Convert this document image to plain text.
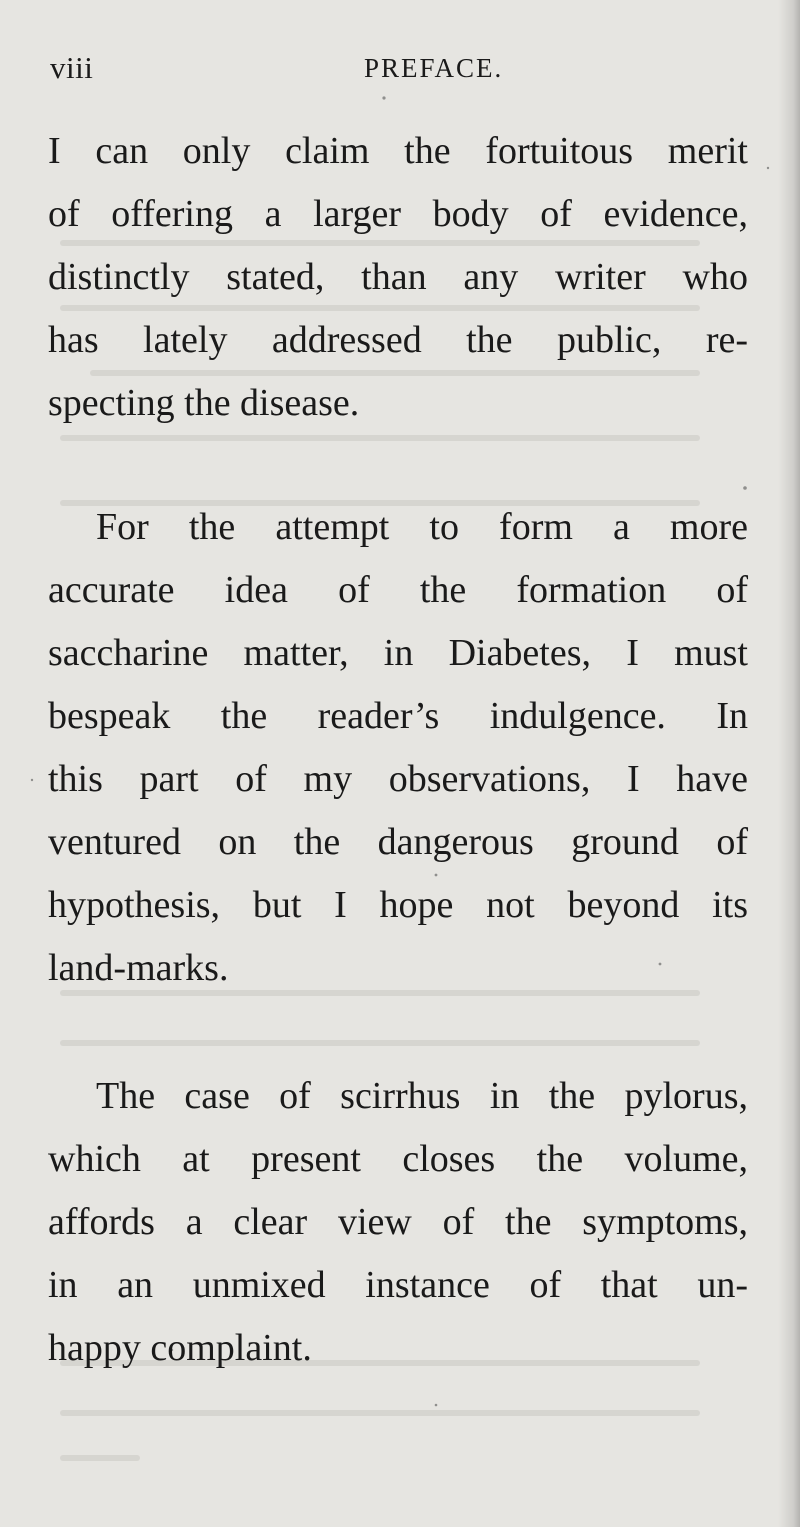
viii	PREFACE.
I can only claim the fortuitous merit
of offering a larger body of evidence,
distinctly stated, than any writer who
has lately addressed the public, re-
specting the disease.
For the attempt to form a more
accurate idea of the formation of
saccharine matter, in Diabetes, I must
bespeak the reader’s indulgence. In
this part of my observations, I have
ventured on the dangerous ground of
hypothesis, but I hope not beyond its
land-marks.
The case of scirrhus in the pylorus,
which at present closes the volume,
affords a clear view of the symptoms,
in an unmixed instance of that un-
happy complaint.
